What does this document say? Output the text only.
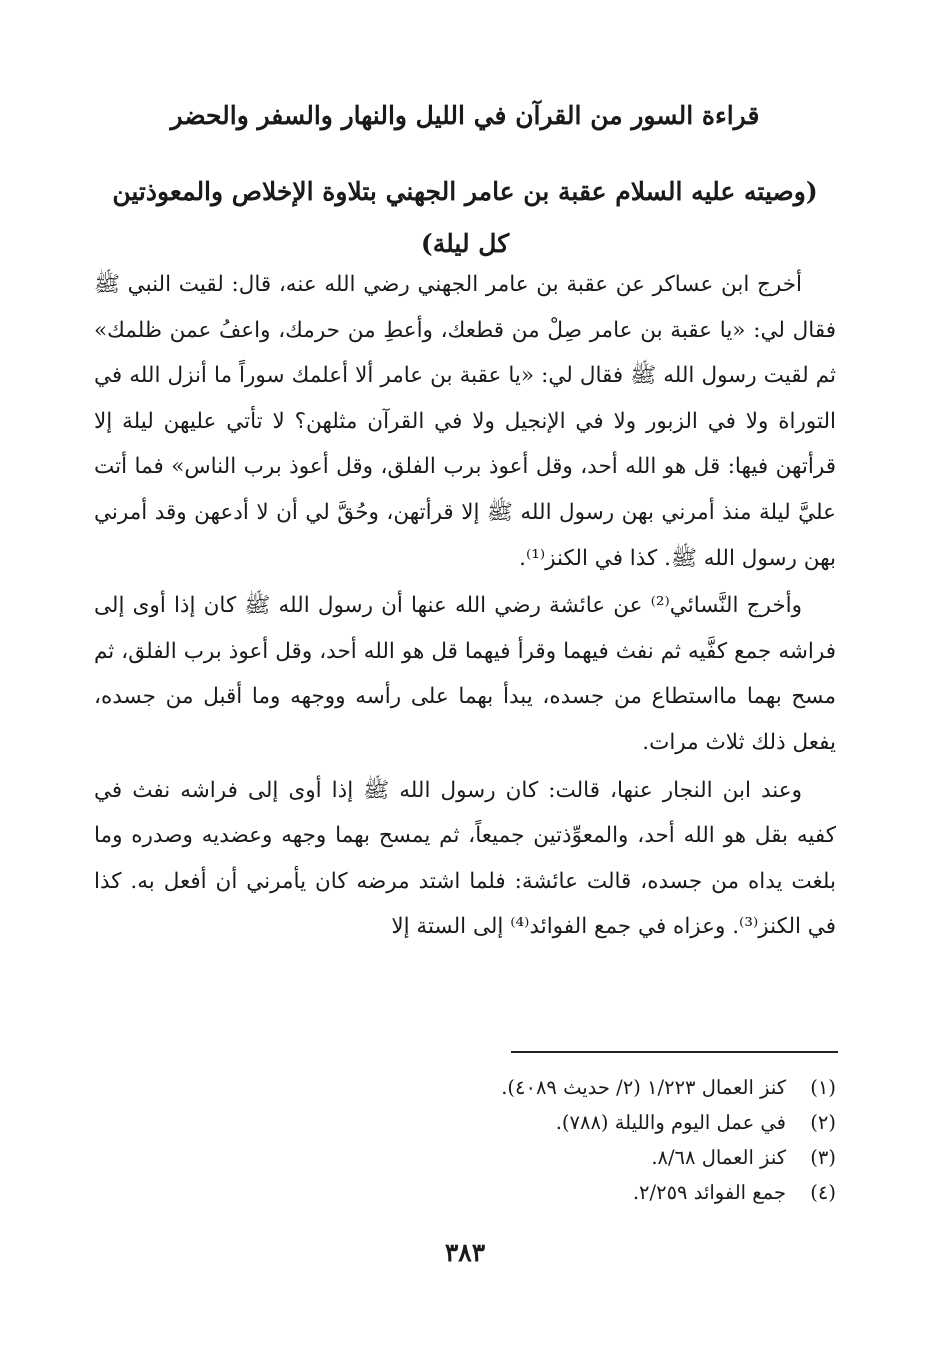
قراءة السور من القرآن في الليل والنهار والسفر والحضر
(وصيته عليه السلام عقبة بن عامر الجهني بتلاوة الإخلاص والمعوذتين كل ليلة)

أخرج ابن عساكر عن عقبة بن عامر الجهني رضي الله عنه، قال: لقيت النبي ﷺ فقال لي: «يا عقبة بن عامر صِلْ من قطعك، وأعطِ من حرمك، واعفُ عمن ظلمك» ثم لقيت رسول الله ﷺ فقال لي: «يا عقبة بن عامر ألا أعلمك سوراً ما أنزل الله في التوراة ولا في الزبور ولا في الإنجيل ولا في القرآن مثلهن؟ لا تأتي عليهن ليلة إلا قرأتهن فيها: قل هو الله أحد، وقل أعوذ برب الفلق، وقل أعوذ برب الناس» فما أتت عليَّ ليلة منذ أمرني بهن رسول الله ﷺ إلا قرأتهن، وحُقَّ لي أن لا أدعهن وقد أمرني بهن رسول الله ﷺ. كذا في الكنز⁽¹⁾.

وأخرج النَّسائي⁽²⁾ عن عائشة رضي الله عنها أن رسول الله ﷺ كان إذا أوى إلى فراشه جمع كفَّيه ثم نفث فيهما وقرأ فيهما قل هو الله أحد، وقل أعوذ برب الفلق، ثم مسح بهما مااستطاع من جسده، يبدأ بهما على رأسه ووجهه وما أقبل من جسده، يفعل ذلك ثلاث مرات.

وعند ابن النجار عنها، قالت: كان رسول الله ﷺ إذا أوى إلى فراشه نفث في كفيه بقل هو الله أحد، والمعوِّذتين جميعاً، ثم يمسح بهما وجهه وعضديه وصدره وما بلغت يداه من جسده، قالت عائشة: فلما اشتد مرضه كان يأمرني أن أفعل به. كذا في الكنز⁽³⁾. وعزاه في جمع الفوائد⁽⁴⁾ إلى الستة إلا

(١)كنز العمال ١/٢٢٣ (٢/ حديث ٤٠٨٩).
(٢)في عمل اليوم والليلة (٧٨٨).
(٣)كنز العمال ٨/٦٨.
(٤)جمع الفوائد ٢/٢٥٩.
٣٨٣
